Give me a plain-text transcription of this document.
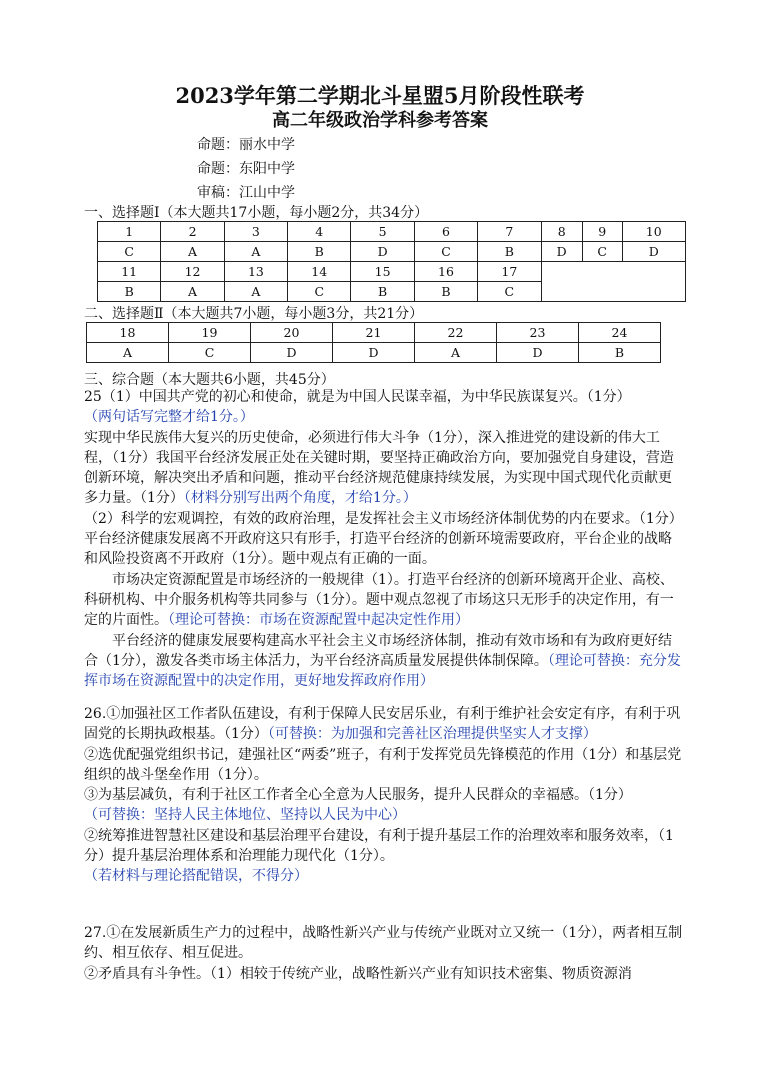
2023学年第二学期北斗星盟5月阶段性联考
高二年级政治学科参考答案
命题：丽水中学
命题：东阳中学
审稿：江山中学
一、选择题Ⅰ（本大题共17小题，每小题2分，共34分）
1	2	3	4	5	6	7	8	9	10
C	A	A	B	D	C	B	D	C	D
11	12	13	14	15	16	17			
B	A	A	C	B	B	C			
二、选择题Ⅱ（本大题共7小题，每小题3分，共21分）
18	19	20	21	22	23	24
A	C	D	D	A	D	B
三、综合题（本大题共6小题，共45分）

25（1）中国共产党的初心和使命，就是为中国人民谋幸福，为中华民族谋复兴。（1分）

（两句话写完整才给1分。）

实现中华民族伟大复兴的历史使命，必须进行伟大斗争（1分），深入推进党的建设新的伟大工程，（1分）我国平台经济发展正处在关键时期，要坚持正确政治方向，要加强党自身建设，营造创新环境，解决突出矛盾和问题，推动平台经济规范健康持续发展，为实现中国式现代化贡献更多力量。（1分）（材料分别写出两个角度，才给1分。）

（2）科学的宏观调控，有效的政府治理，是发挥社会主义市场经济体制优势的内在要求。（1分）平台经济健康发展离不开政府这只有形手，打造平台经济的创新环境需要政府，平台企业的战略和风险投资离不开政府（1分）。题中观点有正确的一面。

市场决定资源配置是市场经济的一般规律（1）。打造平台经济的创新环境离开企业、高校、科研机构、中介服务机构等共同参与（1分）。题中观点忽视了市场这只无形手的决定作用，有一定的片面性。（理论可替换：市场在资源配置中起决定性作用）

平台经济的健康发展要构建高水平社会主义市场经济体制，推动有效市场和有为政府更好结合（1分），激发各类市场主体活力，为平台经济高质量发展提供体制保障。（理论可替换：充分发挥市场在资源配置中的决定作用，更好地发挥政府作用）

26.①加强社区工作者队伍建设，有利于保障人民安居乐业，有利于维护社会安定有序，有利于巩固党的长期执政根基。（1分）（可替换：为加强和完善社区治理提供坚实人才支撑）

②选优配强党组织书记，建强社区“两委”班子，有利于发挥党员先锋模范的作用（1分）和基层党组织的战斗堡垒作用（1分）。

③为基层减负，有利于社区工作者全心全意为人民服务，提升人民群众的幸福感。（1分）

（可替换：坚持人民主体地位、坚持以人民为中心）

②统筹推进智慧社区建设和基层治理平台建设，有利于提升基层工作的治理效率和服务效率，（1分）提升基层治理体系和治理能力现代化（1分）。

（若材料与理论搭配错误，不得分）

27.①在发展新质生产力的过程中，战略性新兴产业与传统产业既对立又统一（1分），两者相互制约、相互依存、相互促进。

②矛盾具有斗争性。（1）相较于传统产业，战略性新兴产业有知识技术密集、物质资源消
